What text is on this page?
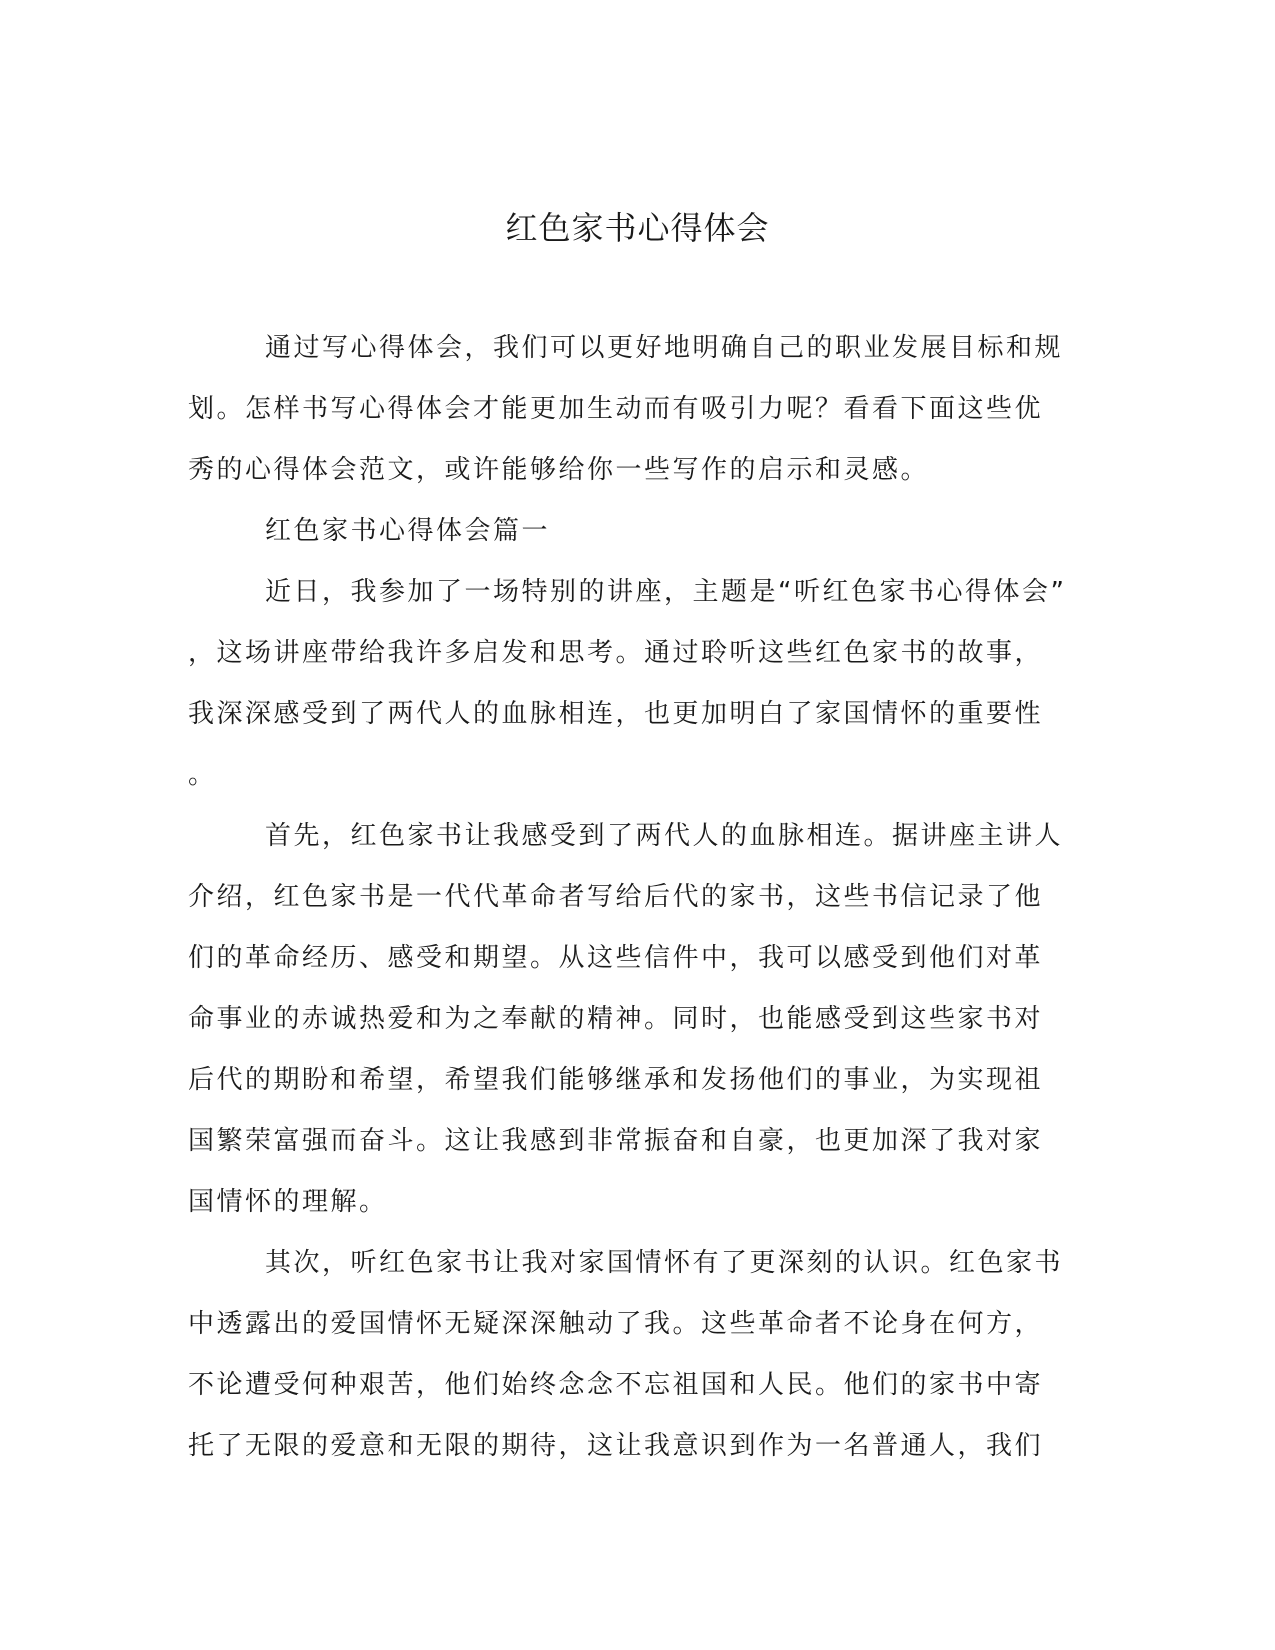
红色家书心得体会
通过写心得体会，我们可以更好地明确自己的职业发展目标和规
划。怎样书写心得体会才能更加生动而有吸引力呢？看看下面这些优
秀的心得体会范文，或许能够给你一些写作的启示和灵感。
红色家书心得体会篇一
近日，我参加了一场特别的讲座，主题是“听红色家书心得体会”
，这场讲座带给我许多启发和思考。通过聆听这些红色家书的故事，
我深深感受到了两代人的血脉相连，也更加明白了家国情怀的重要性
。
首先，红色家书让我感受到了两代人的血脉相连。据讲座主讲人
介绍，红色家书是一代代革命者写给后代的家书，这些书信记录了他
们的革命经历、感受和期望。从这些信件中，我可以感受到他们对革
命事业的赤诚热爱和为之奉献的精神。同时，也能感受到这些家书对
后代的期盼和希望，希望我们能够继承和发扬他们的事业，为实现祖
国繁荣富强而奋斗。这让我感到非常振奋和自豪，也更加深了我对家
国情怀的理解。
其次，听红色家书让我对家国情怀有了更深刻的认识。红色家书
中透露出的爱国情怀无疑深深触动了我。这些革命者不论身在何方，
不论遭受何种艰苦，他们始终念念不忘祖国和人民。他们的家书中寄
托了无限的爱意和无限的期待，这让我意识到作为一名普通人，我们
